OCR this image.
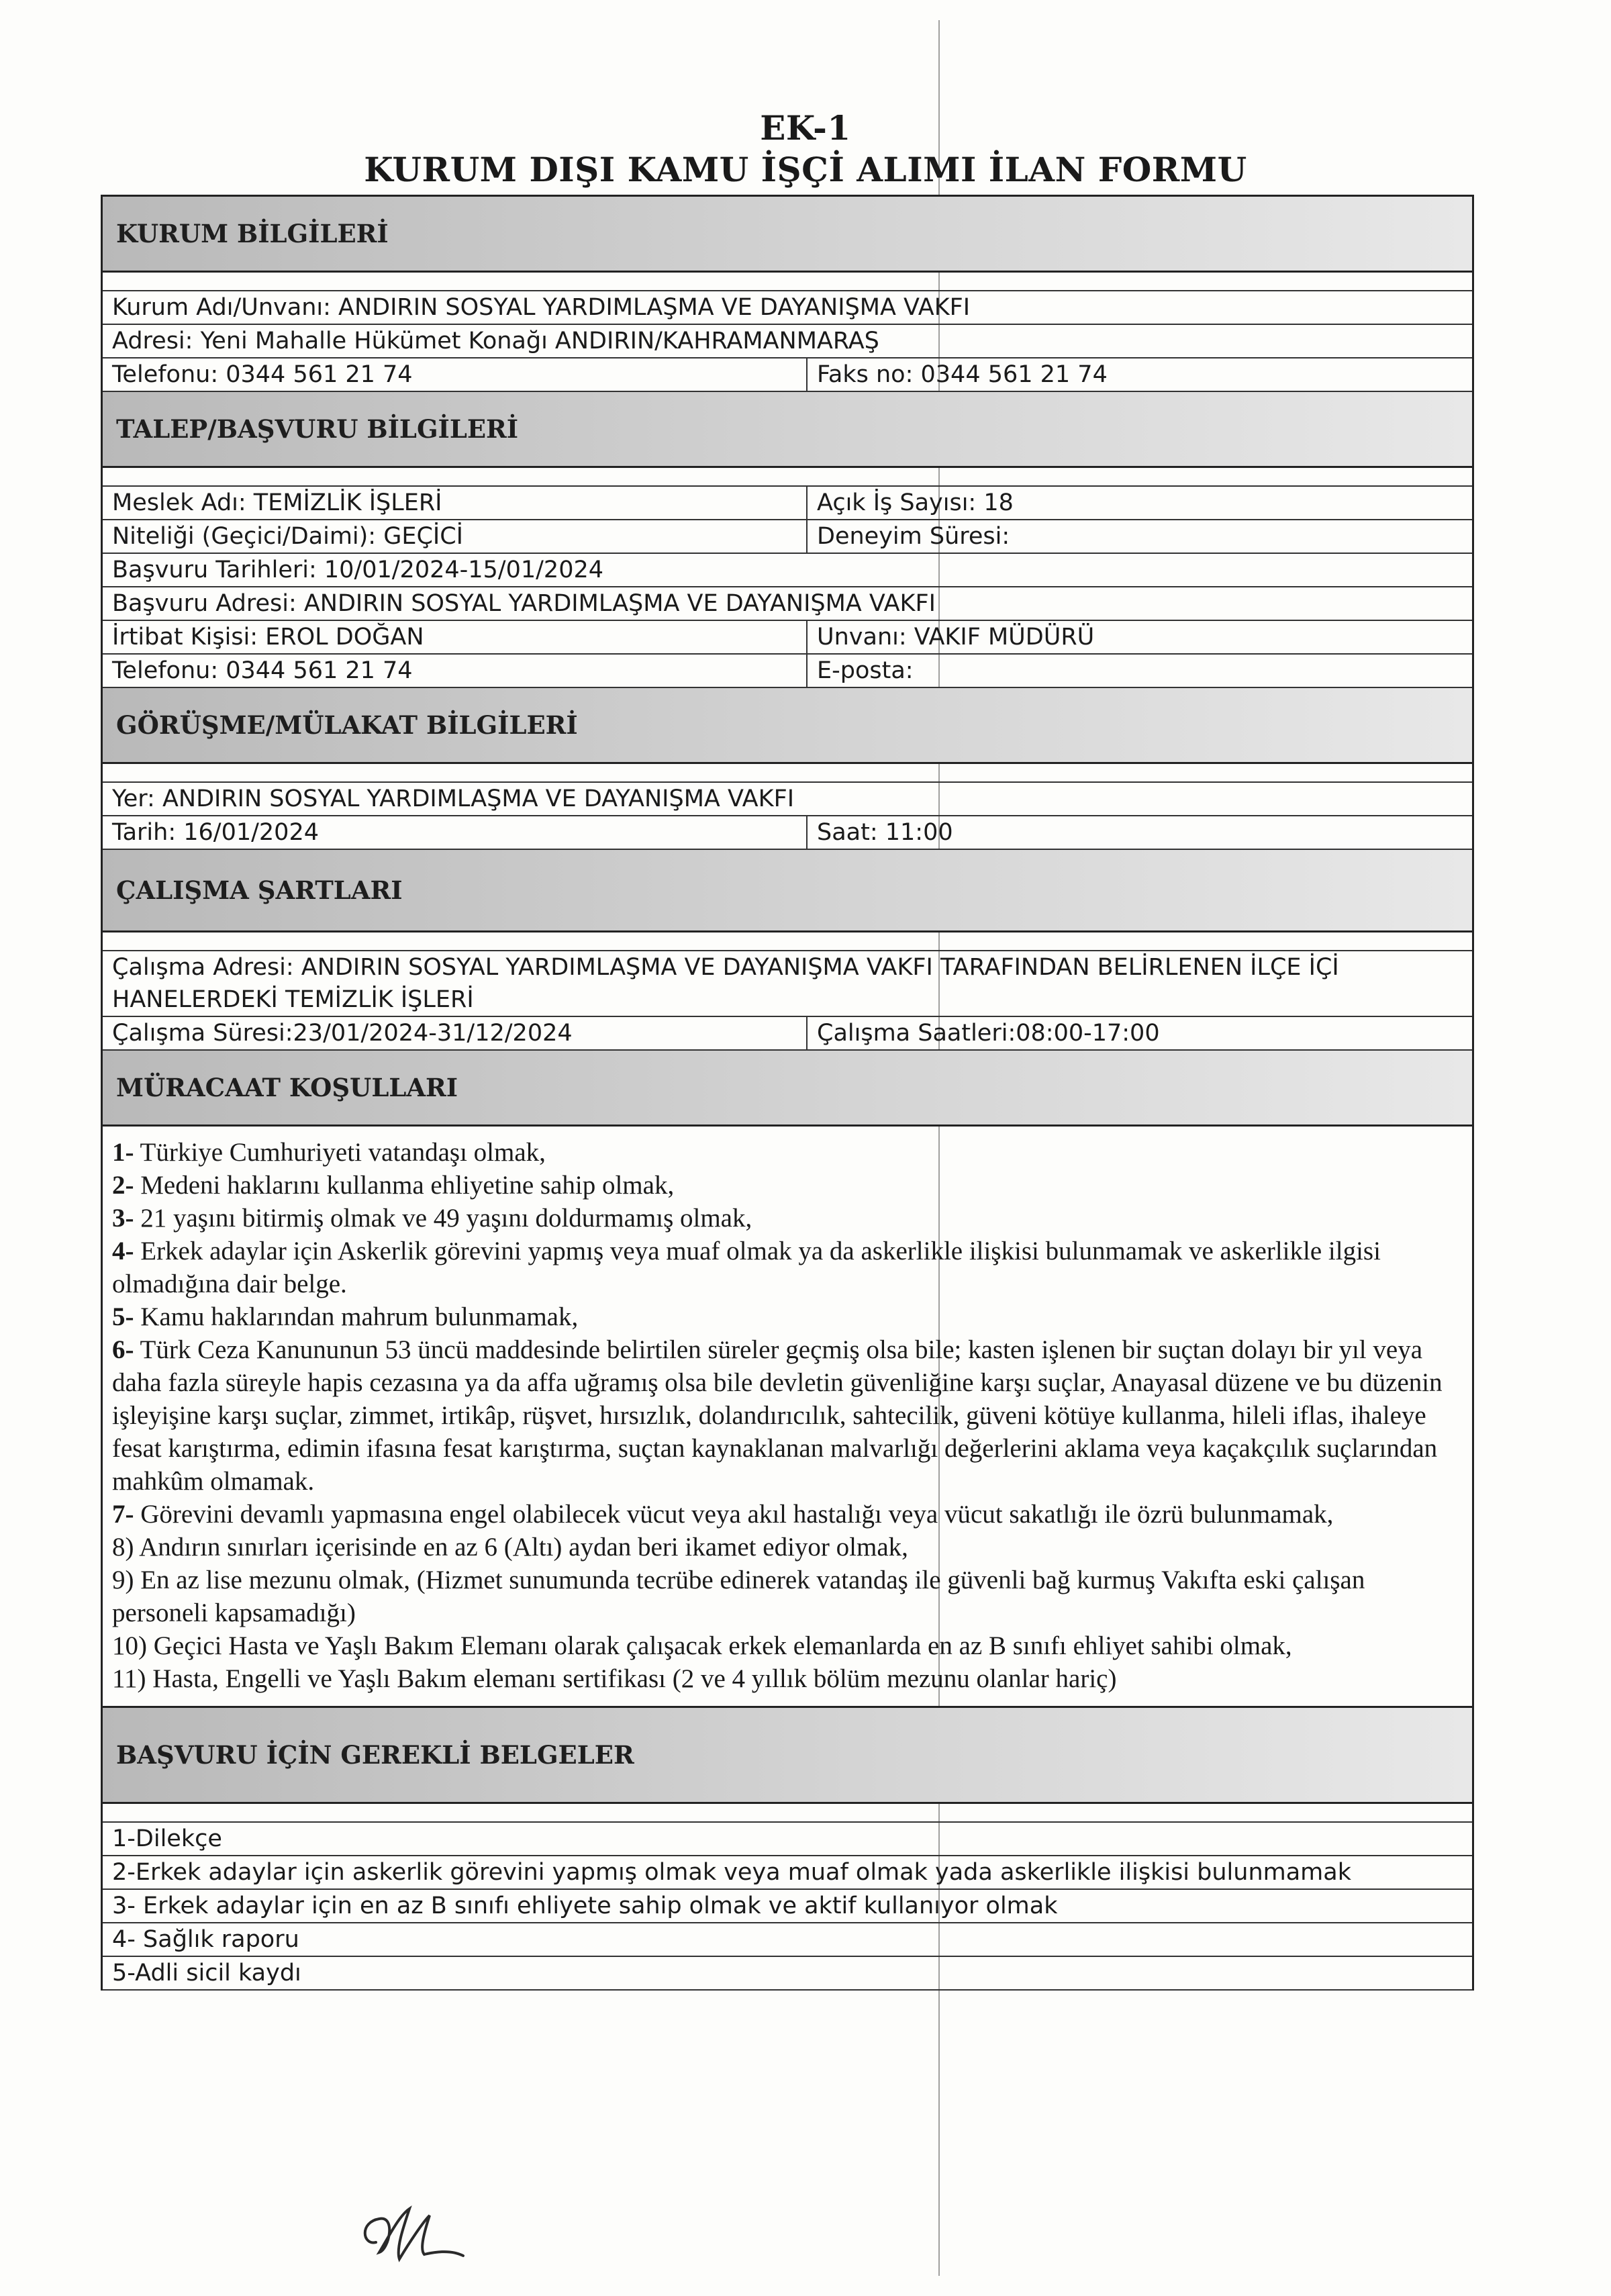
EK-1
KURUM DIŞI KAMU İŞÇİ ALIMI İLAN FORMU
KURUM BİLGİLERİ
Kurum Adı/Unvanı: ANDIRIN SOSYAL YARDIMLAŞMA VE DAYANIŞMA VAKFI
Adresi: Yeni Mahalle Hükümet Konağı ANDIRIN/KAHRAMANMARAŞ
Telefonu: 0344 561 21 74	Faks no: 0344 561 21 74
TALEP/BAŞVURU BİLGİLERİ
Meslek Adı: TEMİZLİK İŞLERİ	Açık İş Sayısı: 18
Niteliği (Geçici/Daimi): GEÇİCİ	Deneyim Süresi:
Başvuru Tarihleri: 10/01/2024-15/01/2024
Başvuru Adresi: ANDIRIN SOSYAL YARDIMLAŞMA VE DAYANIŞMA VAKFI
İrtibat Kişisi: EROL DOĞAN	Unvanı: VAKIF MÜDÜRÜ
Telefonu: 0344 561 21 74	E-posta:
GÖRÜŞME/MÜLAKAT BİLGİLERİ
Yer: ANDIRIN SOSYAL YARDIMLAŞMA VE DAYANIŞMA VAKFI
Tarih: 16/01/2024	Saat: 11:00
ÇALIŞMA ŞARTLARI
Çalışma Adresi: ANDIRIN SOSYAL YARDIMLAŞMA VE DAYANIŞMA VAKFI TARAFINDAN BELİRLENEN İLÇE İÇİ HANELERDEKİ TEMİZLİK İŞLERİ
Çalışma Süresi:23/01/2024-31/12/2024	Çalışma Saatleri:08:00-17:00
MÜRACAAT KOŞULLARI

1- Türkiye Cumhuriyeti vatandaşı olmak,

2- Medeni haklarını kullanma ehliyetine sahip olmak,

3- 21 yaşını bitirmiş olmak ve 49 yaşını doldurmamış olmak,

4- Erkek adaylar için Askerlik görevini yapmış veya muaf olmak ya da askerlikle ilişkisi bulunmamak ve askerlikle ilgisi olmadığına dair belge.

5- Kamu haklarından mahrum bulunmamak,

6- Türk Ceza Kanununun 53 üncü maddesinde belirtilen süreler geçmiş olsa bile; kasten işlenen bir suçtan dolayı bir yıl veya daha fazla süreyle hapis cezasına ya da affa uğramış olsa bile devletin güvenliğine karşı suçlar, Anayasal düzene ve bu düzenin işleyişine karşı suçlar, zimmet, irtikâp, rüşvet, hırsızlık, dolandırıcılık, sahtecilik, güveni kötüye kullanma, hileli iflas, ihaleye fesat karıştırma, edimin ifasına fesat karıştırma, suçtan kaynaklanan malvarlığı değerlerini aklama veya kaçakçılık suçlarından mahkûm olmamak.

7- Görevini devamlı yapmasına engel olabilecek vücut veya akıl hastalığı veya vücut sakatlığı ile özrü bulunmamak,

8) Andırın sınırları içerisinde en az 6 (Altı) aydan beri ikamet ediyor olmak,

9) En az lise mezunu olmak, (Hizmet sunumunda tecrübe edinerek vatandaş ile güvenli bağ kurmuş Vakıfta eski çalışan personeli kapsamadığı)

10) Geçici Hasta ve Yaşlı Bakım Elemanı olarak çalışacak erkek elemanlarda en az B sınıfı ehliyet sahibi olmak,

11) Hasta, Engelli ve Yaşlı Bakım elemanı sertifikası (2 ve 4 yıllık bölüm mezunu olanlar hariç)

BAŞVURU İÇİN GEREKLİ BELGELER
1-Dilekçe
2-Erkek adaylar için askerlik görevini yapmış olmak veya muaf olmak yada askerlikle ilişkisi bulunmamak
3- Erkek adaylar için en az B sınıfı ehliyete sahip olmak ve aktif kullanıyor olmak
4- Sağlık raporu
5-Adli sicil kaydı
